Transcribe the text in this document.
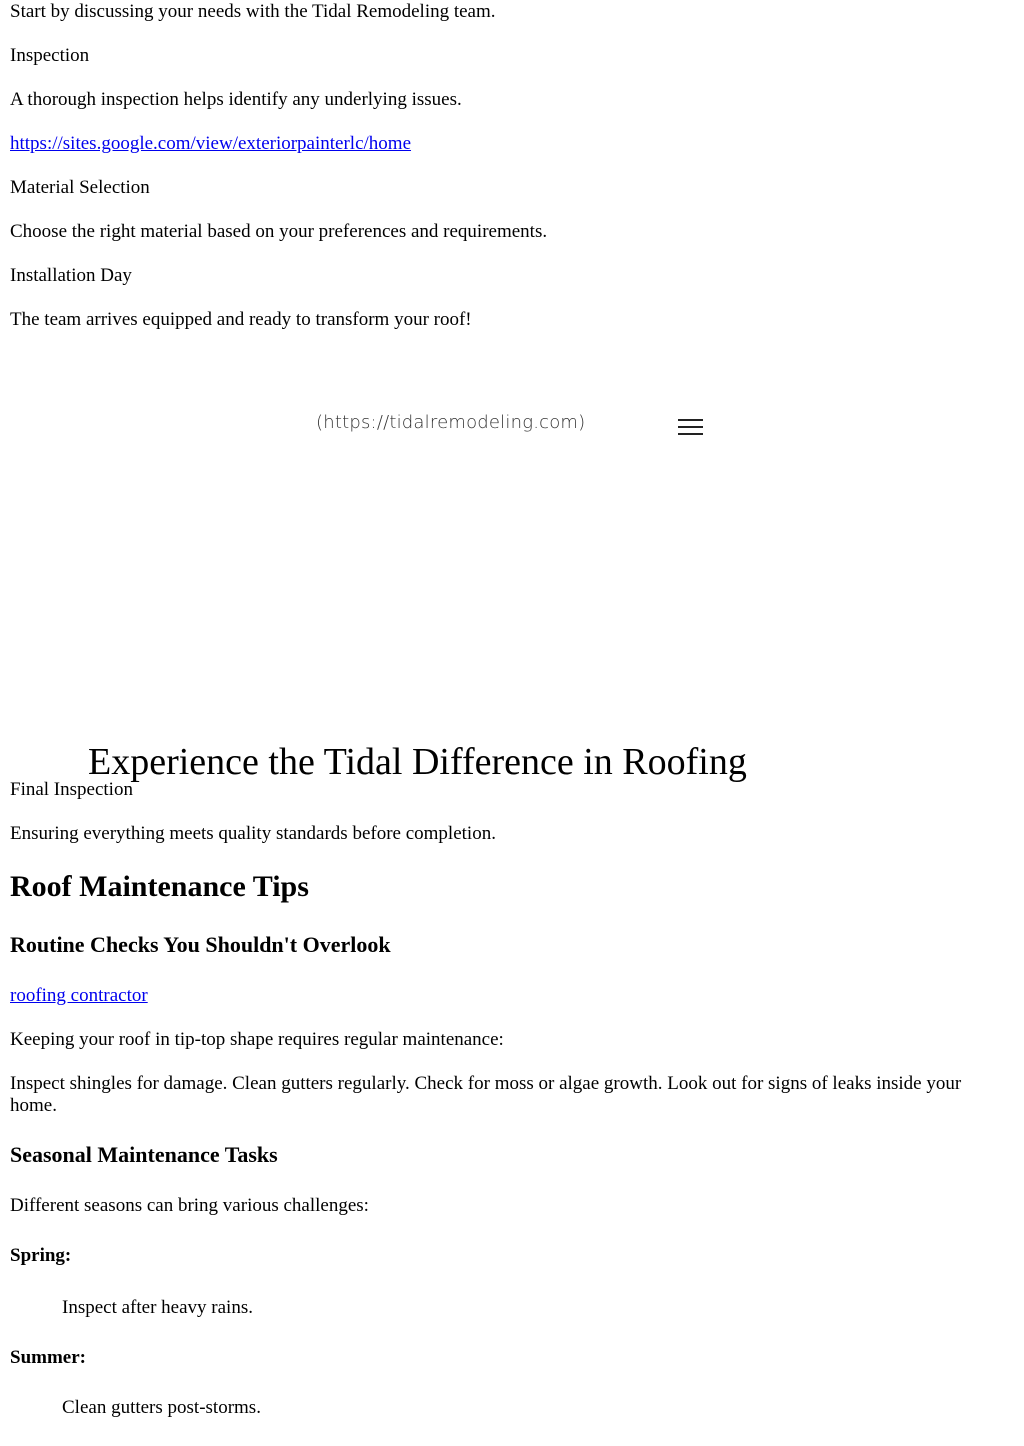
Start by discussing your needs with the Tidal Remodeling team.

Inspection

A thorough inspection helps identify any underlying issues.

https://sites.google.com/view/exteriorpainterlc/home

Material Selection

Choose the right material based on your preferences and requirements.

Installation Day

The team arrives equipped and ready to transform your roof!

(https://tidalremodeling.com)
Experience the Tidal Difference in Roofing

Final Inspection

Ensuring everything meets quality standards before completion.

Roof Maintenance Tips
Routine Checks You Shouldn't Overlook
roofing contractor

Keeping your roof in tip-top shape requires regular maintenance:

Inspect shingles for damage. Clean gutters regularly. Check for moss or algae growth. Look out for signs of leaks inside your home.

Seasonal Maintenance Tasks

Different seasons can bring various challenges:

Spring:

Inspect after heavy rains.

Summer:

Clean gutters post-storms.
